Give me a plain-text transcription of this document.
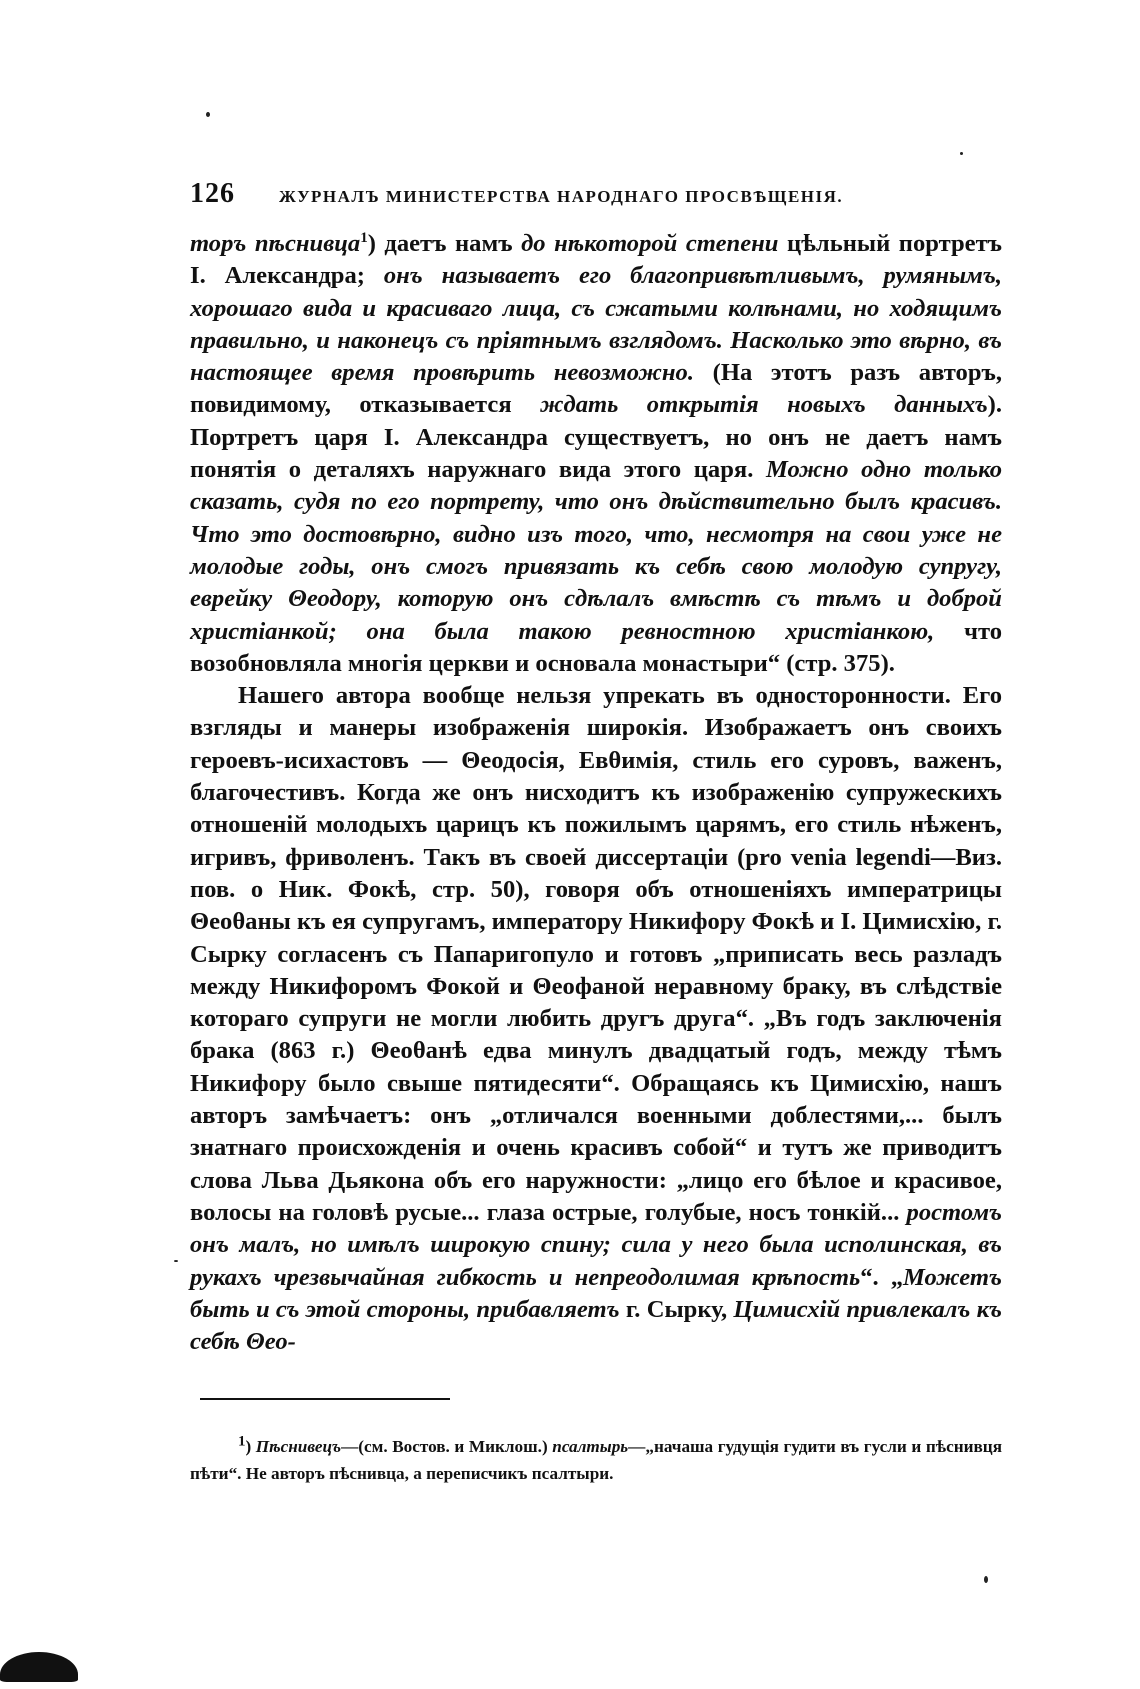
126	ЖУРНАЛЪ МИНИСТЕРСТВА НАРОДНАГО ПРОСВѢЩЕНІЯ.

торъ пѣснивца$^1$) даетъ намъ до нѣкоторой степени цѣльный портретъ І. Александра; онъ называетъ его благопривѣтливымъ, румянымъ, хорошаго вида и красиваго лица, съ сжатыми колѣнами, но ходящимъ правильно, и наконецъ съ пріятнымъ взглядомъ. Насколько это вѣрно, въ настоящее время провѣрить невозможно. (На этотъ разъ авторъ, повидимому, отказывается ждать открытія новыхъ данныхъ). Портретъ царя І. Александра существуетъ, но онъ не даетъ намъ понятія о деталяхъ наружнаго вида этого царя. Можно одно только сказать, судя по его портрету, что онъ дѣйствительно былъ красивъ. Что это достовѣрно, видно изъ того, что, несмотря на свои уже не молодые годы, онъ смогъ привязать къ себѣ свою молодую супругу, еврейку Θеодору, которую онъ сдѣлалъ вмѣстѣ съ тѣмъ и доброй христіанкой; она была такою ревностною христіанкою, что возобновляла многія церкви и основала монастыри“ (стр. 375).

Нашего автора вообще нельзя упрекать въ односторонности. Его взгляды и манеры изображенія широкія. Изображаетъ онъ своихъ героевъ-исихастовъ — Θеодосія, Евθимія, стиль его суровъ, важенъ, благочестивъ. Когда же онъ нисходитъ къ изображенію супружескихъ отношеній молодыхъ царицъ къ пожилымъ царямъ, его стиль нѣженъ, игривъ, фриволенъ. Такъ въ своей диссертаціи (pro venia legendi—Виз. пов. о Ник. Фокѣ, стр. 50), говоря объ отношеніяхъ императрицы Θеоθаны къ ея супругамъ, императору Никифору Фокѣ и І. Цимисхію, г. Сырку согласенъ съ Папаригопуло и готовъ „приписать весь разладъ между Никифоромъ Фокой и Θеофаной неравному браку, въ слѣдствіе котораго супруги не могли любить другъ друга“. „Въ годъ заключенія брака (863 г.) Θеоθанѣ едва минулъ двадцатый годъ, между тѣмъ Никифору было свыше пятидесяти“. Обращаясь къ Цимисхію, нашъ авторъ замѣчаетъ: онъ „отличался военными доблестями,... былъ знатнаго происхожденія и очень красивъ собой“ и тутъ же приводитъ слова Льва Дьякона объ его наружности: „лицо его бѣлое и красивое, волосы на головѣ русые... глаза острые, голубые, носъ тонкій... ростомъ онъ малъ, но имѣлъ широкую спину; сила у него была исполинская, въ рукахъ чрезвычайная гибкость и непреодолимая крѣпость“. „Можетъ быть и съ этой стороны, прибавляетъ г. Сырку, Цимисхій привлекалъ къ себѣ Θео-

1) Пѣснивецъ—(см. Востов. и Миклош.) псалтырь—„начаша гудущія гудити въ гусли и пѣснивця пѣти“. Не авторъ пѣснивца, а переписчикъ псалтыри.
